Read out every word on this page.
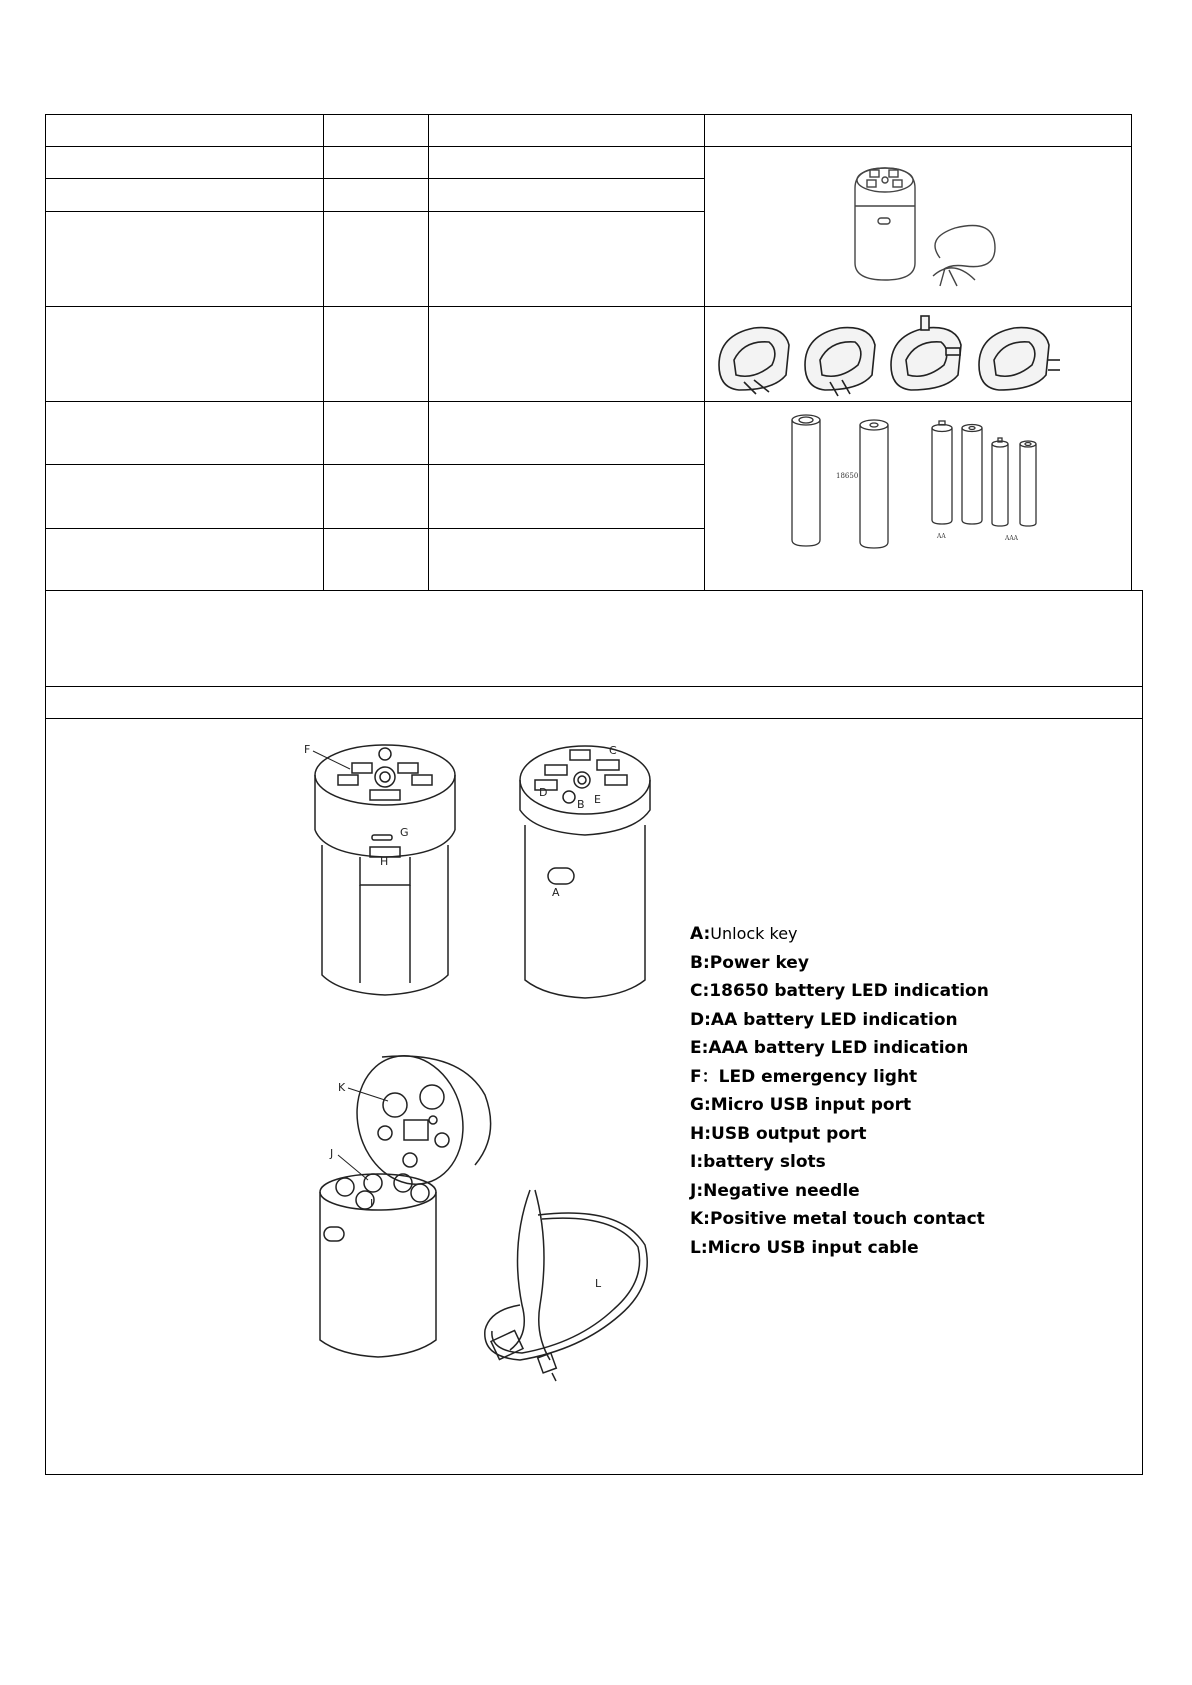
18650
AA	AAA
F
G
H
C
D
B E
A
K
J
I
L
A:Unlock key
B:Power key
C:18650 battery LED indication
D:AA battery LED indication
E:AAA battery LED indication
F：LED emergency light
G:Micro USB input port
H:USB output port
I:battery slots
J:Negative needle
K:Positive metal touch contact
L:Micro USB input cable
